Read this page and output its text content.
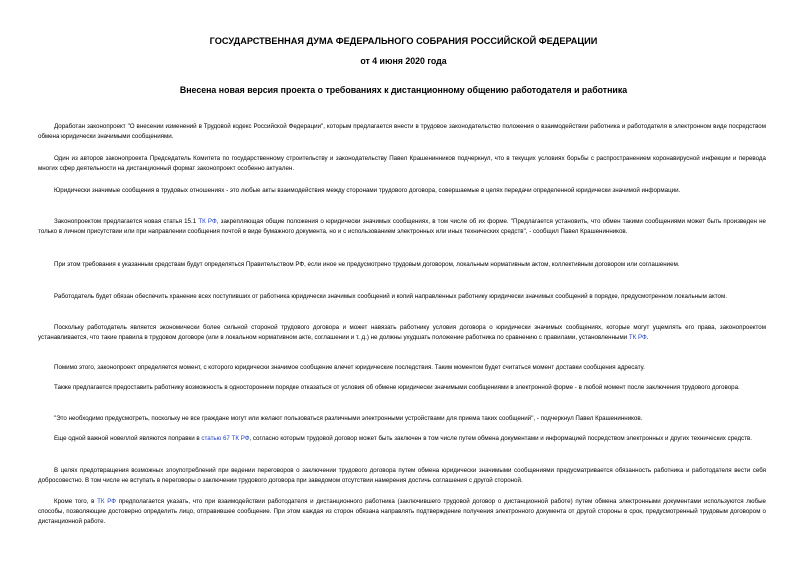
ГОСУДАРСТВЕННАЯ ДУМА ФЕДЕРАЛЬНОГО СОБРАНИЯ РОССИЙСКОЙ ФЕДЕРАЦИИ
от 4 июня 2020 года
Внесена новая версия проекта о требованиях к дистанционному общению работодателя и работника

Доработан законопроект "О внесении изменений в Трудовой кодекс Российской Федерации", которым предлагается внести в трудовое законодательство положения о взаимодействии работника и работодателя в электронном виде посредством обмена юридически значимыми сообщениями.

Один из авторов законопроекта Председатель Комитета по государственному строительству и законодательству Павел Крашенинников подчеркнул, что в текущих условиях борьбы с распространением коронавирусной инфекции и перевода многих сфер деятельности на дистанционный формат законопроект особенно актуален.

Юридически значимые сообщения в трудовых отношениях - это любые акты взаимодействия между сторонами трудового договора, совершаемые в целях передачи определенной юридически значимой информации.

Законопроектом предлагается новая статья 15.1 ТК РФ, закрепляющая общие положения о юридически значимых сообщениях, в том числе об их форме. "Предлагается установить, что обмен такими сообщениями может быть произведен не только в личном присутствии или при направлении сообщения почтой в виде бумажного документа, но и с использованием электронных или иных технических средств", - сообщил Павел Крашенинников.

При этом требования к указанным средствам будут определяться Правительством РФ, если иное не предусмотрено трудовым договором, локальным нормативным актом, коллективным договором или соглашением.

Работодатель будет обязан обеспечить хранение всех поступивших от работника юридически значимых сообщений и копий направленных работнику юридически значимых сообщений в порядке, предусмотренном локальным актом.

Поскольку работодатель является экономически более сильной стороной трудового договора и может навязать работнику условия договора о юридически значимых сообщениях, которые могут ущемлять его права, законопроектом устанавливается, что такие правила в трудовом договоре (или в локальном нормативном акте, соглашении и т. д.) не должны ухудшать положение работника по сравнению с правилами, установленными ТК РФ.

Помимо этого, законопроект определяется момент, с которого юридически значимое сообщение влечет юридические последствия. Таким моментом будет считаться момент доставки сообщения адресату.

Также предлагается предоставить работнику возможность в одностороннем порядке отказаться от условия об обмене юридически значимыми сообщениями в электронной форме - в любой момент после заключения трудового договора.

"Это необходимо предусмотреть, поскольку не все граждане могут или желают пользоваться различными электронными устройствами для приема таких сообщений", - подчеркнул Павел Крашенинников.

Еще одной важной новеллой являются поправки в статью 67 ТК РФ, согласно которым трудовой договор может быть заключен в том числе путем обмена документами и информацией посредством электронных и других технических средств.

В целях предотвращения возможных злоупотреблений при ведении переговоров о заключении трудового договора путем обмена юридически значимыми сообщениями предусматривается обязанность работника и работодателя вести себя добросовестно. В том числе не вступать в переговоры о заключении трудового договора при заведомом отсутствии намерения достичь соглашения с другой стороной.

Кроме того, в ТК РФ предполагается указать, что при взаимодействии работодателя и дистанционного работника (заключившего трудовой договор о дистанционной работе) путем обмена электронными документами используются любые способы, позволяющие достоверно определить лицо, отправившее сообщение. При этом каждая из сторон обязана направлять подтверждение получения электронного документа от другой стороны в срок, предусмотренный трудовым договором о дистанционной работе.
